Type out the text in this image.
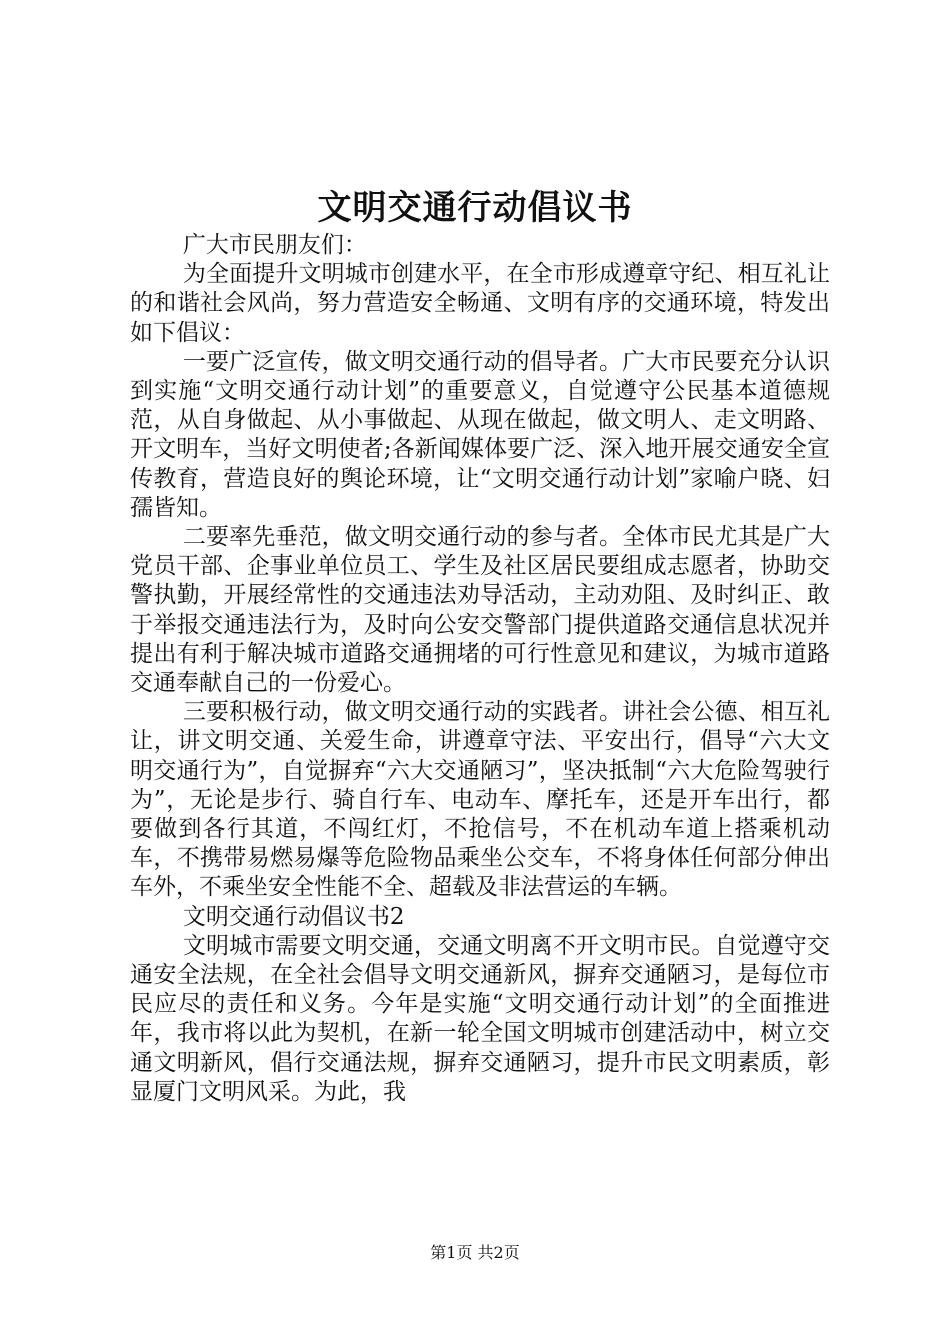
文明交通行动倡议书

广大市民朋友们：

为全面提升文明城市创建水平，在全市形成遵章守纪、相互礼让的和谐社会风尚，努力营造安全畅通、文明有序的交通环境，特发出如下倡议：

一要广泛宣传，做文明交通行动的倡导者。广大市民要充分认识到实施“文明交通行动计划”的重要意义，自觉遵守公民基本道德规范，从自身做起、从小事做起、从现在做起，做文明人、走文明路、开文明车，当好文明使者;各新闻媒体要广泛、深入地开展交通安全宣传教育，营造良好的舆论环境，让“文明交通行动计划”家喻户晓、妇孺皆知。

二要率先垂范，做文明交通行动的参与者。全体市民尤其是广大党员干部、企事业单位员工、学生及社区居民要组成志愿者，协助交警执勤，开展经常性的交通违法劝导活动，主动劝阻、及时纠正、敢于举报交通违法行为，及时向公安交警部门提供道路交通信息状况并提出有利于解决城市道路交通拥堵的可行性意见和建议，为城市道路交通奉献自己的一份爱心。

三要积极行动，做文明交通行动的实践者。讲社会公德、相互礼让，讲文明交通、关爱生命，讲遵章守法、平安出行，倡导“六大文明交通行为”，自觉摒弃“六大交通陋习”，坚决抵制“六大危险驾驶行为”，无论是步行、骑自行车、电动车、摩托车，还是开车出行，都要做到各行其道，不闯红灯，不抢信号，不在机动车道上搭乘机动车，不携带易燃易爆等危险物品乘坐公交车，不将身体任何部分伸出车外，不乘坐安全性能不全、超载及非法营运的车辆。

文明交通行动倡议书2

文明城市需要文明交通，交通文明离不开文明市民。自觉遵守交通安全法规，在全社会倡导文明交通新风，摒弃交通陋习，是每位市民应尽的责任和义务。今年是实施“文明交通行动计划”的全面推进年，我市将以此为契机，在新一轮全国文明城市创建活动中，树立交通文明新风，倡行交通法规，摒弃交通陋习，提升市民文明素质，彰显厦门文明风采。为此，我

第1页 共2页
